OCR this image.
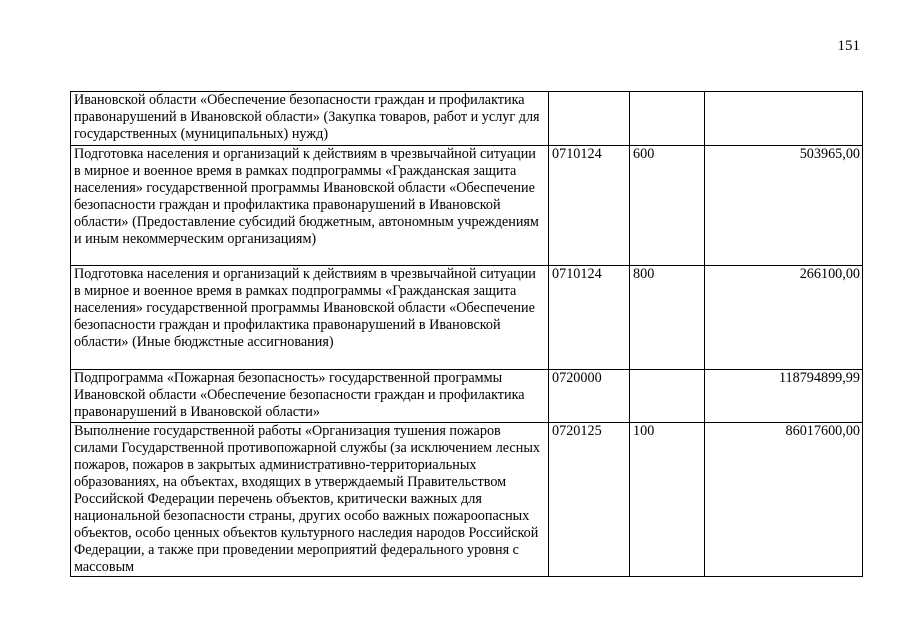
151
Ивановской области «Обеспечение безопасности граждан и профилактика правонарушений в Ивановской области» (Закупка товаров, работ и услуг для государственных (муниципальных) нужд)			
Подготовка населения и организаций к действиям в чрезвычайной ситуации в мирное и военное время в рамках подпрограммы «Гражданская защита населения» государственной программы Ивановской области «Обеспечение безопасности граждан и профилактика правонарушений в Ивановской области» (Предоставление субсидий бюджетным, автономным учреждениям и иным некоммерческим организациям)	0710124	600	503965,00
Подготовка населения и организаций к действиям в чрезвычайной ситуации в мирное и военное время в рамках подпрограммы «Гражданская защита населения» государственной программы Ивановской области «Обеспечение безопасности граждан и профилактика правонарушений в Ивановской области» (Иные бюджстные ассигнования)	0710124	800	266100,00
Подпрограмма «Пожарная безопасность» государственной программы Ивановской области «Обеспечение безопасности граждан и профилактика правонарушений в Ивановской области»	0720000		118794899,99
Выполнение государственной работы «Организация тушения пожаров силами Государственной противопожарной службы (за исключением лесных пожаров, пожаров в закрытых административно-территориальных образованиях, на объектах, входящих в утверждаемый Правительством Российской Федерации перечень объектов, критически важных для национальной безопасности страны, других особо важных пожароопасных объектов, особо ценных объектов культурного наследия народов Российской Федерации, а также при проведении мероприятий федерального уровня с массовым	0720125	100	86017600,00
